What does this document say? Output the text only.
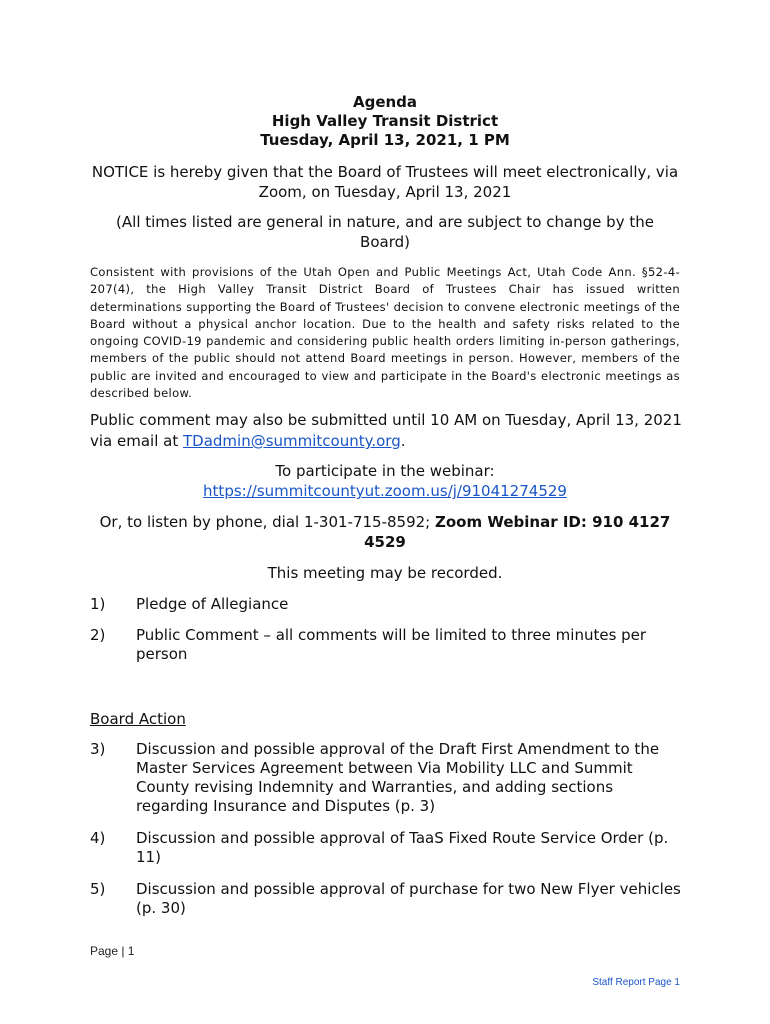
Agenda
High Valley Transit District
Tuesday, April 13, 2021, 1 PM
NOTICE is hereby given that the Board of Trustees will meet electronically, via Zoom, on Tuesday, April 13, 2021
(All times listed are general in nature, and are subject to change by the Board)
Consistent with provisions of the Utah Open and Public Meetings Act, Utah Code Ann. §52-4-207(4), the High Valley Transit District Board of Trustees Chair has issued written determinations supporting the Board of Trustees' decision to convene electronic meetings of the Board without a physical anchor location. Due to the health and safety risks related to the ongoing COVID-19 pandemic and considering public health orders limiting in-person gatherings, members of the public should not attend Board meetings in person. However, members of the public are invited and encouraged to view and participate in the Board's electronic meetings as described below.
Public comment may also be submitted until 10 AM on Tuesday, April 13, 2021 via email at TDadmin@summitcounty.org.
To participate in the webinar:
https://summitcountyut.zoom.us/j/91041274529
Or, to listen by phone, dial 1-301-715-8592; Zoom Webinar ID: 910 4127 4529
This meeting may be recorded.
1)	Pledge of Allegiance
2)	Public Comment – all comments will be limited to three minutes per person
Board Action
3)	Discussion and possible approval of the Draft First Amendment to the Master Services Agreement between Via Mobility LLC and Summit County revising Indemnity and Warranties, and adding sections regarding Insurance and Disputes (p. 3)
4)	Discussion and possible approval of TaaS Fixed Route Service Order (p. 11)
5)	Discussion and possible approval of purchase for two New Flyer vehicles (p. 30)
Page | 1
Staff Report Page 1
